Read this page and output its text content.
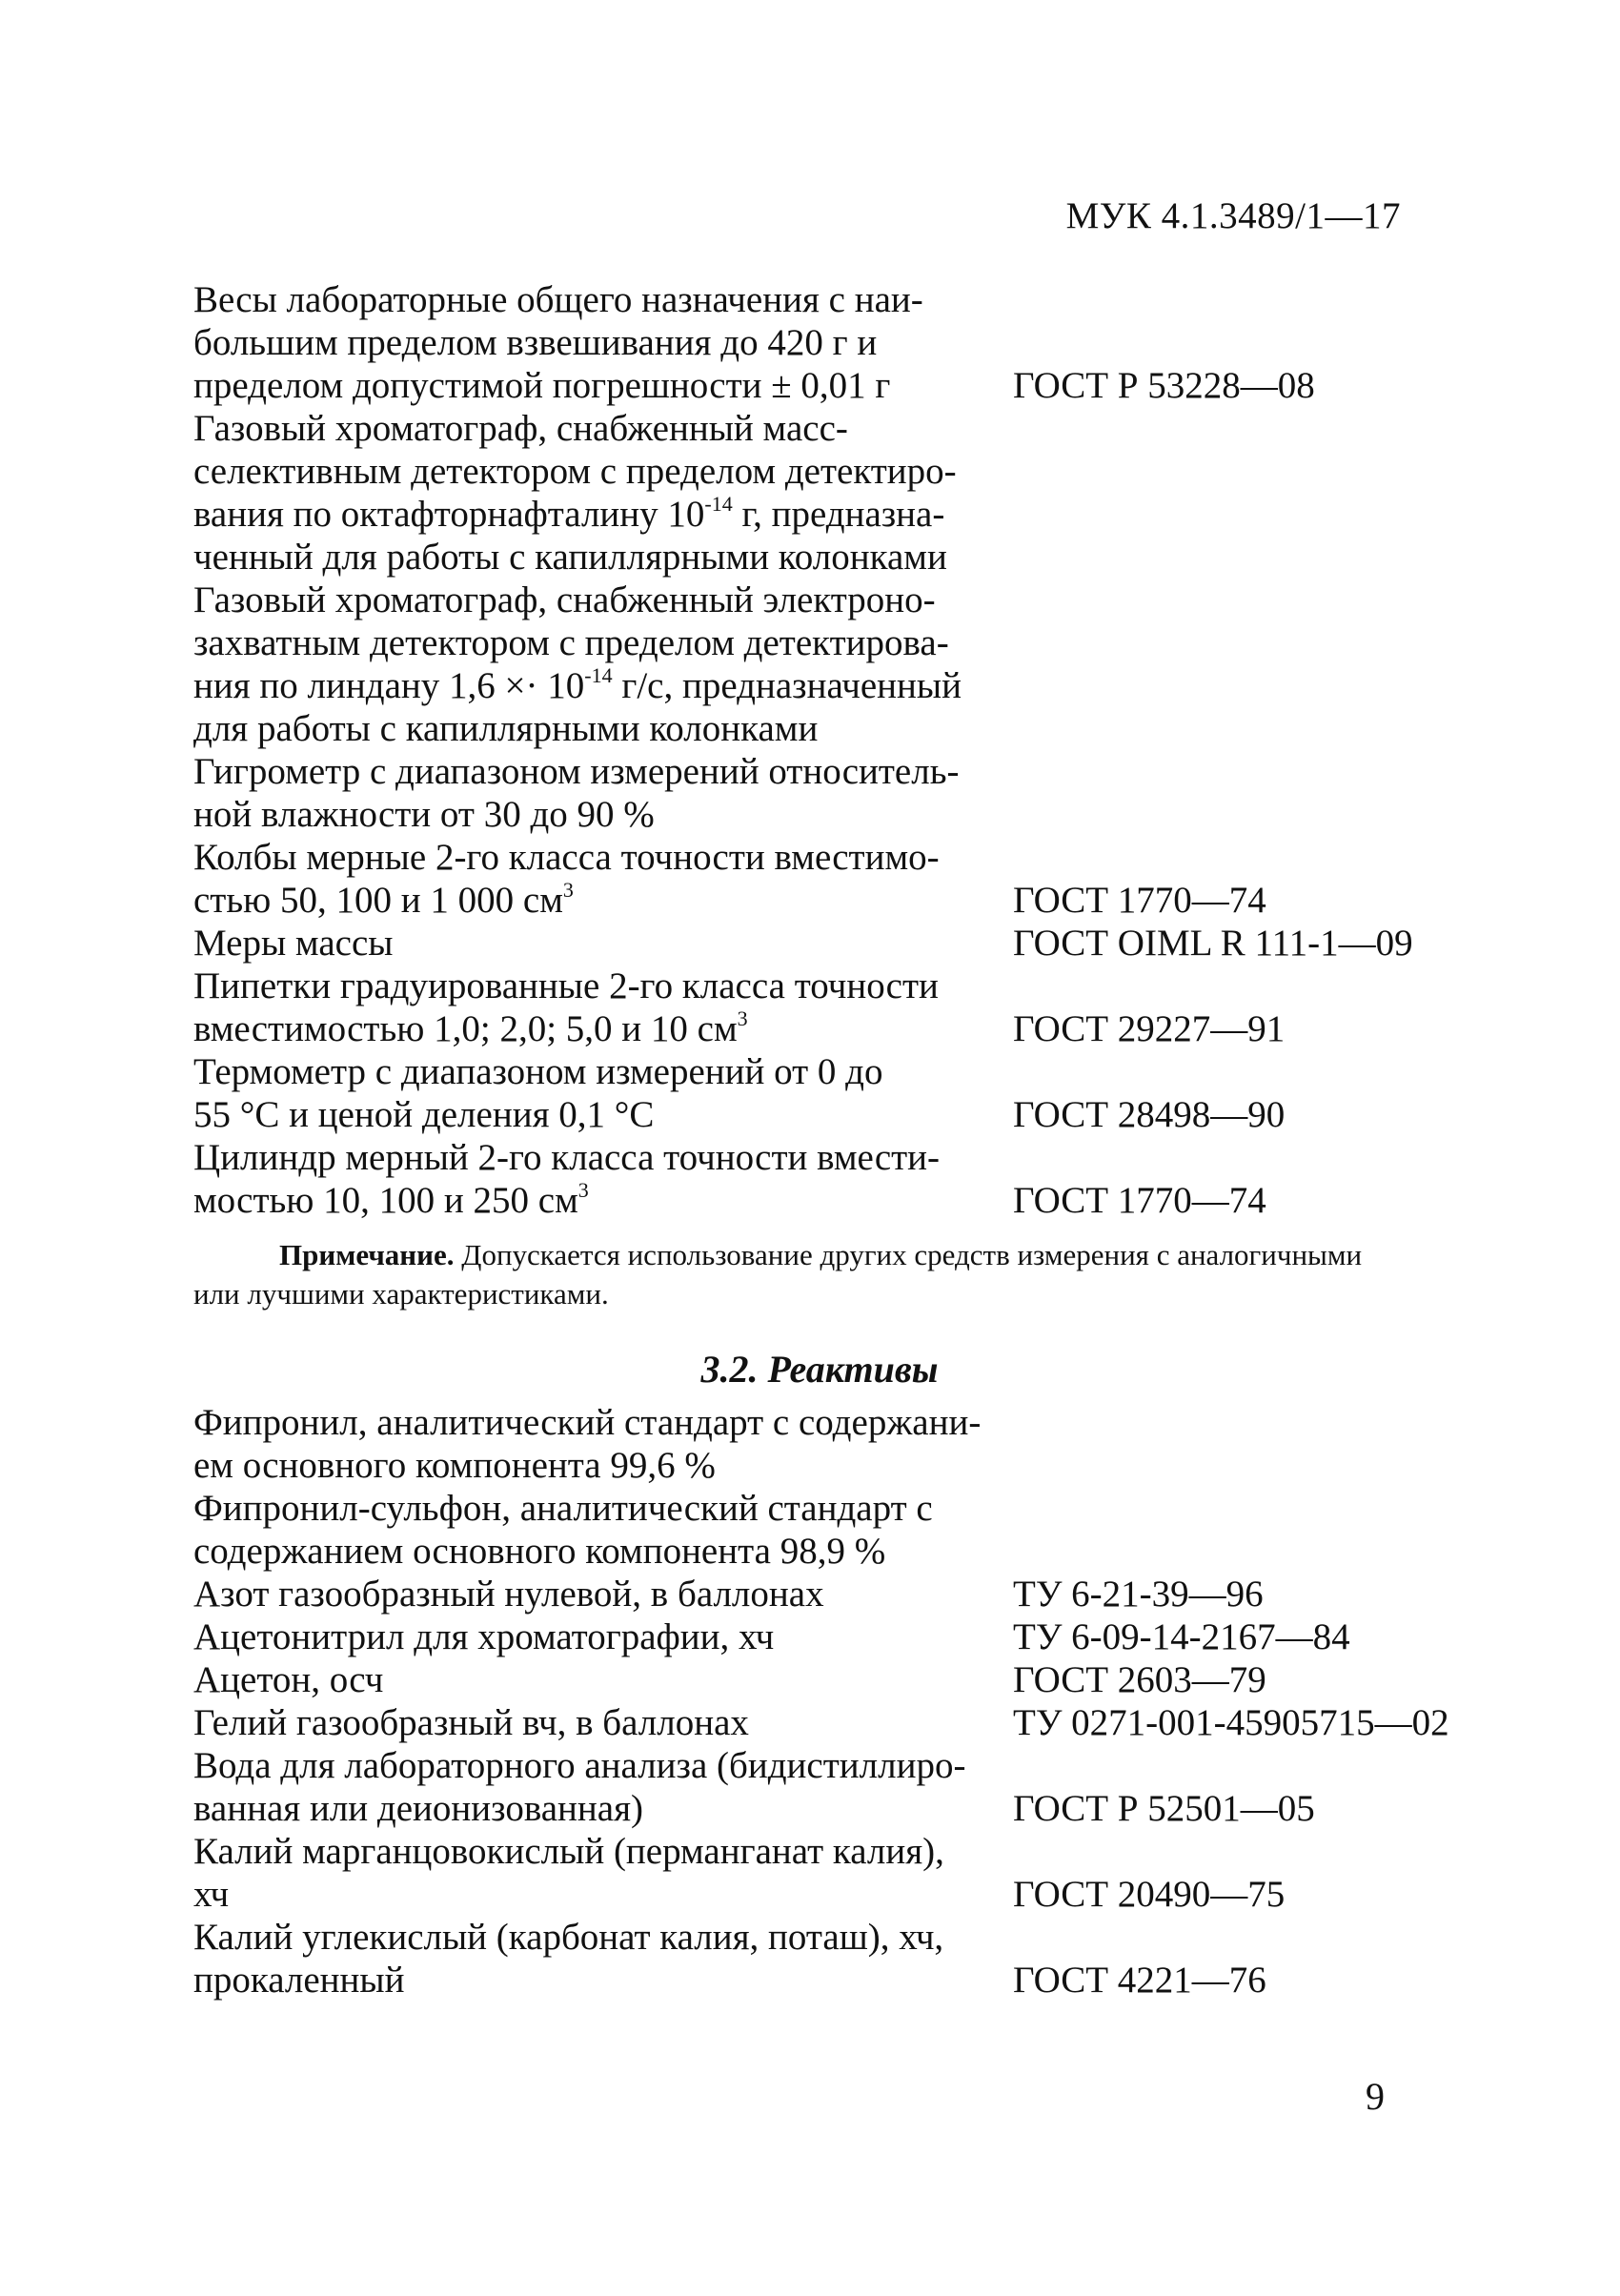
МУК 4.1.3489/1—17
Весы лабораторные общего назначения с наи-
большим пределом взвешивания до 420 г и
пределом допустимой погрешности ± 0,01 г	ГОСТ Р 53228—08
Газовый хроматограф, снабженный масс-
селективным детектором с пределом детектиро-
вания по октафторнафталину $10^{-14}$ г, предназна-
ченный для работы с капиллярными колонками
Газовый хроматограф, снабженный электроно-
захватным детектором с пределом детектирова-
ния по линдану $1,6 \times\cdot 10^{-14}$ г/с, предназначенный
для работы с капиллярными колонками
Гигрометр с диапазоном измерений относитель-
ной влажности от 30 до 90 %
Колбы мерные 2-го класса точности вместимо-
стью 50, 100 и 1 000 $см^3$	ГОСТ 1770—74
Меры массы	ГОСТ OIML R 111-1—09
Пипетки градуированные 2-го класса точности
вместимостью 1,0; 2,0; 5,0 и 10 $см^3$	ГОСТ 29227—91
Термометр с диапазоном измерений от 0 до
55 °С и ценой деления 0,1 °С	ГОСТ 28498—90
Цилиндр мерный 2-го класса точности вмести-
мостью 10, 100 и 250 $см^3$	ГОСТ 1770—74
Примечание. Допускается использование других средств измерения с аналогичными или лучшими характеристиками.
3.2. Реактивы
Фипронил, аналитический стандарт с содержани-
ем основного компонента 99,6 %
Фипронил-сульфон, аналитический стандарт с
содержанием основного компонента 98,9 %
Азот газообразный нулевой, в баллонах	ТУ 6-21-39—96
Ацетонитрил для хроматографии, хч	ТУ 6-09-14-2167—84
Ацетон, осч	ГОСТ 2603—79
Гелий газообразный вч, в баллонах	ТУ 0271-001-45905715—02
Вода для лабораторного анализа (бидистиллиро-
ванная или деионизованная)	ГОСТ Р 52501—05
Калий марганцовокислый (перманганат калия),
хч	ГОСТ 20490—75
Калий углекислый (карбонат калия, поташ), хч,
прокаленный	ГОСТ 4221—76
9
